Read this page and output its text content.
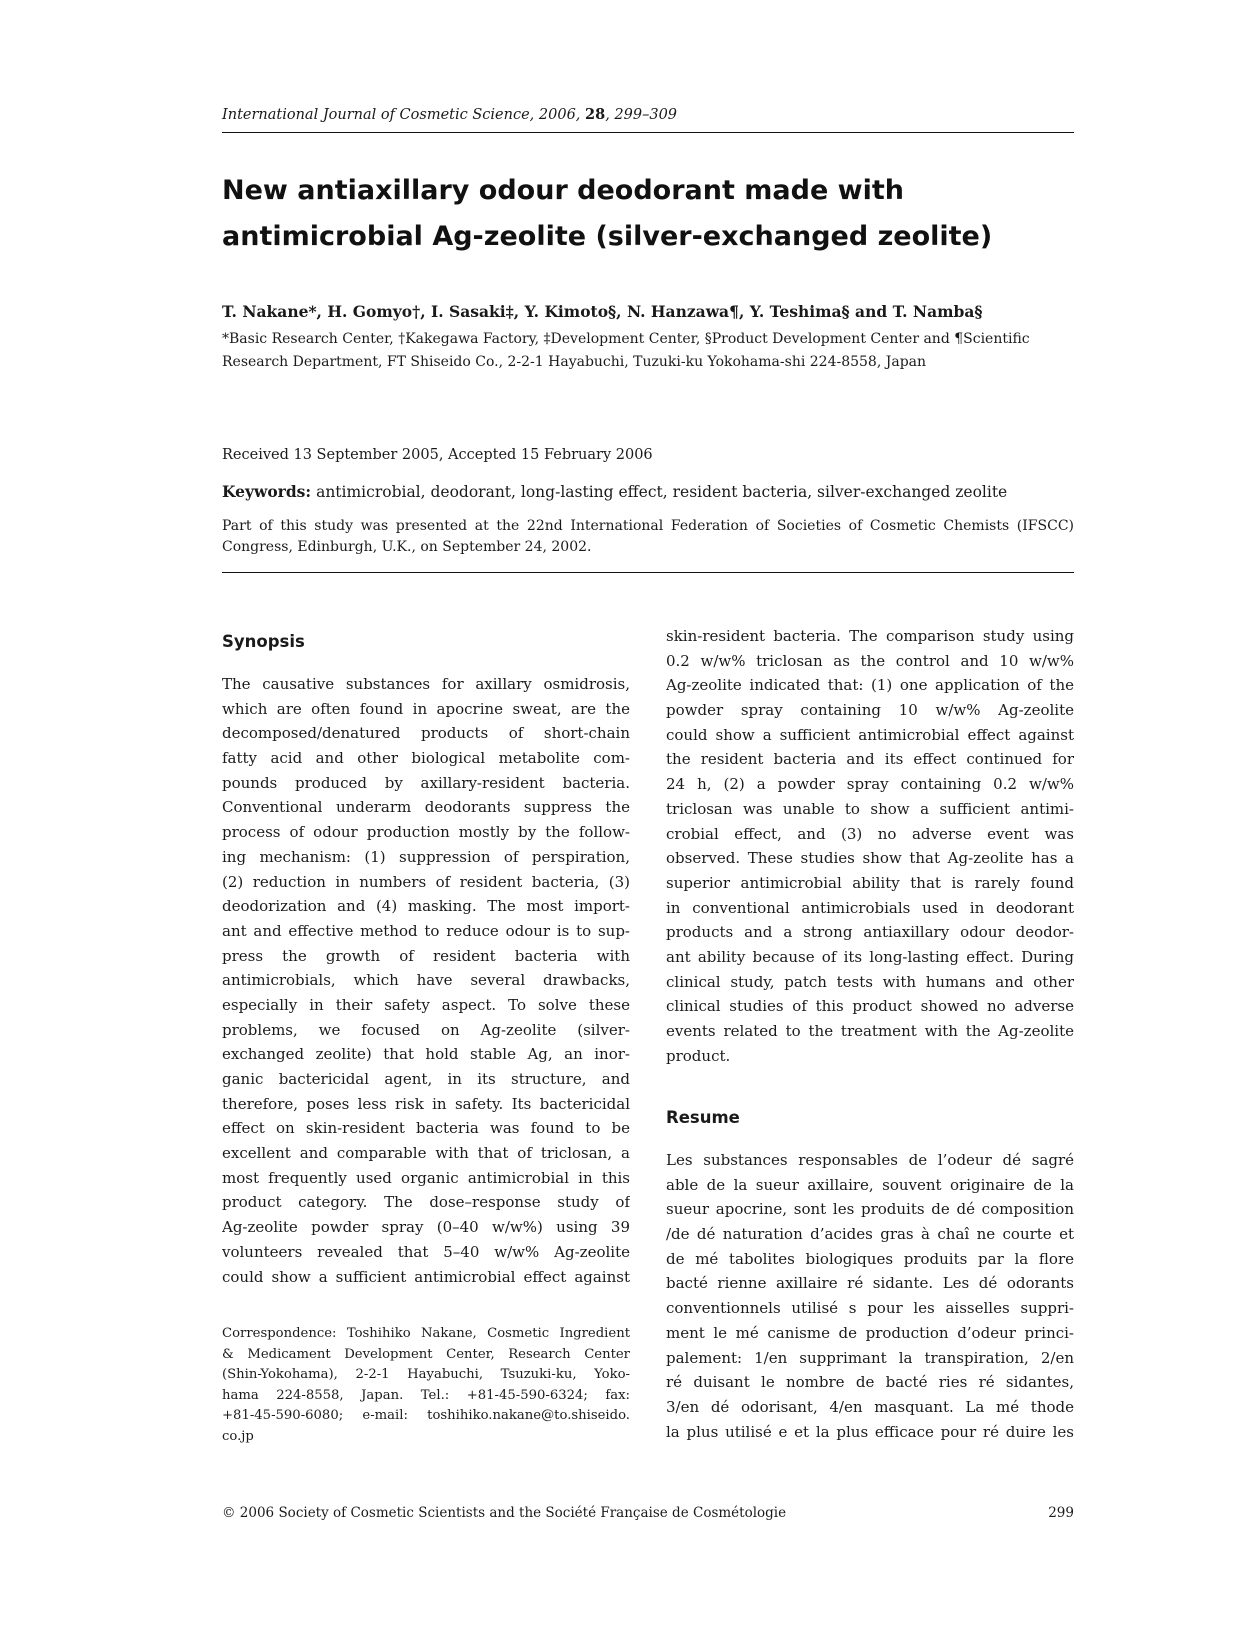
International Journal of Cosmetic Science, 2006, 28, 299–309
New antiaxillary odour deodorant made with
antimicrobial Ag-zeolite (silver-exchanged zeolite)
T. Nakane*, H. Gomyo†, I. Sasaki‡, Y. Kimoto§, N. Hanzawa¶, Y. Teshima§ and T. Namba§
*Basic Research Center, †Kakegawa Factory, ‡Development Center, §Product Development Center and ¶Scientific
Research Department, FT Shiseido Co., 2-2-1 Hayabuchi, Tuzuki-ku Yokohama-shi 224-8558, Japan
Received 13 September 2005, Accepted 15 February 2006
Keywords: antimicrobial, deodorant, long-lasting effect, resident bacteria, silver-exchanged zeolite
Part of this study was presented at the 22nd International Federation of Societies of Cosmetic Chemists (IFSCC)
Congress, Edinburgh, U.K., on September 24, 2002.
Synopsis
The causative substances for axillary osmidrosis,
which are often found in apocrine sweat, are the
decomposed/denatured products of short-chain
fatty acid and other biological metabolite com-
pounds produced by axillary-resident bacteria.
Conventional underarm deodorants suppress the
process of odour production mostly by the follow-
ing mechanism: (1) suppression of perspiration,
(2) reduction in numbers of resident bacteria, (3)
deodorization and (4) masking. The most import-
ant and effective method to reduce odour is to sup-
press the growth of resident bacteria with
antimicrobials, which have several drawbacks,
especially in their safety aspect. To solve these
problems, we focused on Ag-zeolite (silver-
exchanged zeolite) that hold stable Ag, an inor-
ganic bactericidal agent, in its structure, and
therefore, poses less risk in safety. Its bactericidal
effect on skin-resident bacteria was found to be
excellent and comparable with that of triclosan, a
most frequently used organic antimicrobial in this
product category. The dose–response study of
Ag-zeolite powder spray (0–40 w/w%) using 39
volunteers revealed that 5–40 w/w% Ag-zeolite
could show a sufficient antimicrobial effect against
skin-resident bacteria. The comparison study using
0.2 w/w% triclosan as the control and 10 w/w%
Ag-zeolite indicated that: (1) one application of the
powder spray containing 10 w/w% Ag-zeolite
could show a sufficient antimicrobial effect against
the resident bacteria and its effect continued for
24 h, (2) a powder spray containing 0.2 w/w%
triclosan was unable to show a sufficient antimi-
crobial effect, and (3) no adverse event was
observed. These studies show that Ag-zeolite has a
superior antimicrobial ability that is rarely found
in conventional antimicrobials used in deodorant
products and a strong antiaxillary odour deodor-
ant ability because of its long-lasting effect. During
clinical study, patch tests with humans and other
clinical studies of this product showed no adverse
events related to the treatment with the Ag-zeolite
product.
Resume
Les substances responsables de l’odeur dé sagré
able de la sueur axillaire, souvent originaire de la
sueur apocrine, sont les produits de dé composition
/de dé naturation d’acides gras à chaî ne courte et
de mé tabolites biologiques produits par la flore
bacté rienne axillaire ré sidante. Les dé odorants
conventionnels utilisé s pour les aisselles suppri-
ment le mé canisme de production d’odeur princi-
palement: 1/en supprimant la transpiration, 2/en
ré duisant le nombre de bacté ries ré sidantes,
3/en dé odorisant, 4/en masquant. La mé thode
la plus utilisé e et la plus efficace pour ré duire les
Correspondence: Toshihiko Nakane, Cosmetic Ingredient
& Medicament Development Center, Research Center
(Shin-Yokohama), 2-2-1 Hayabuchi, Tsuzuki-ku, Yoko-
hama 224-8558, Japan. Tel.: +81-45-590-6324; fax:
+81-45-590-6080; e-mail: toshihiko.nakane@to.shiseido.
co.jp
© 2006 Society of Cosmetic Scientists and the Société Française de Cosmétologie	299
